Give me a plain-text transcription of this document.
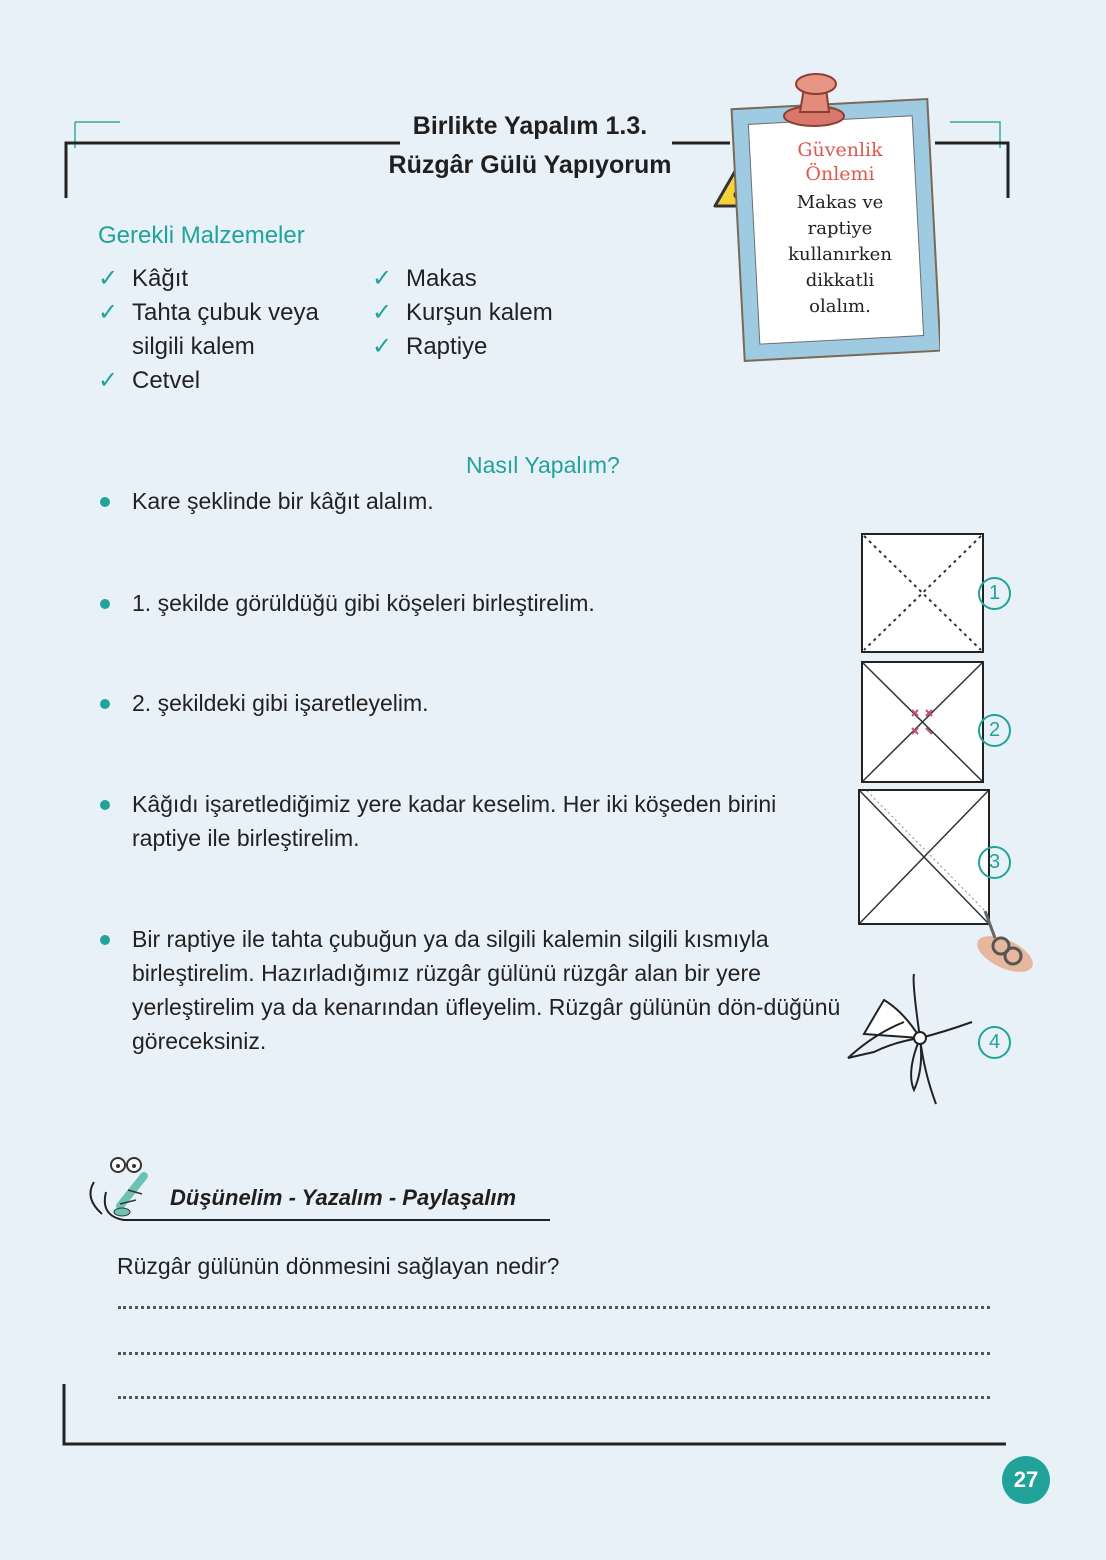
Birlikte Yapalım 1.3.
Rüzgâr Gülü Yapıyorum
Güvenlik
Önlemi
Makas ve
raptiye
kullanırken
dikkatli
olalım.
Gerekli Malzemeler
✓ Kâğıt
✓ Tahta çubuk veya
silgili kalem
✓ Cetvel
✓ Makas
✓ Kurşun kalem
✓ Raptiye
Nasıl Yapalım?
Kare şeklinde bir kâğıt alalım.
1. şekilde görüldüğü gibi köşeleri birleştirelim.
2. şekildeki gibi işaretleyelim.
Kâğıdı işaretlediğimiz yere kadar keselim. Her iki köşeden birini raptiye ile birleştirelim.
Bir raptiye ile tahta çubuğun ya da silgili kalemin silgili kısmıyla birleştirelim. Hazırladığımız rüzgâr gülünü rüzgâr alan bir yere yerleştirelim ya da kenarından üfleyelim. Rüzgâr gülünün dön-düğünü göreceksiniz.
1
2
3
4
Düşünelim - Yazalım - Paylaşalım
Rüzgâr gülünün dönmesini sağlayan nedir?
27
